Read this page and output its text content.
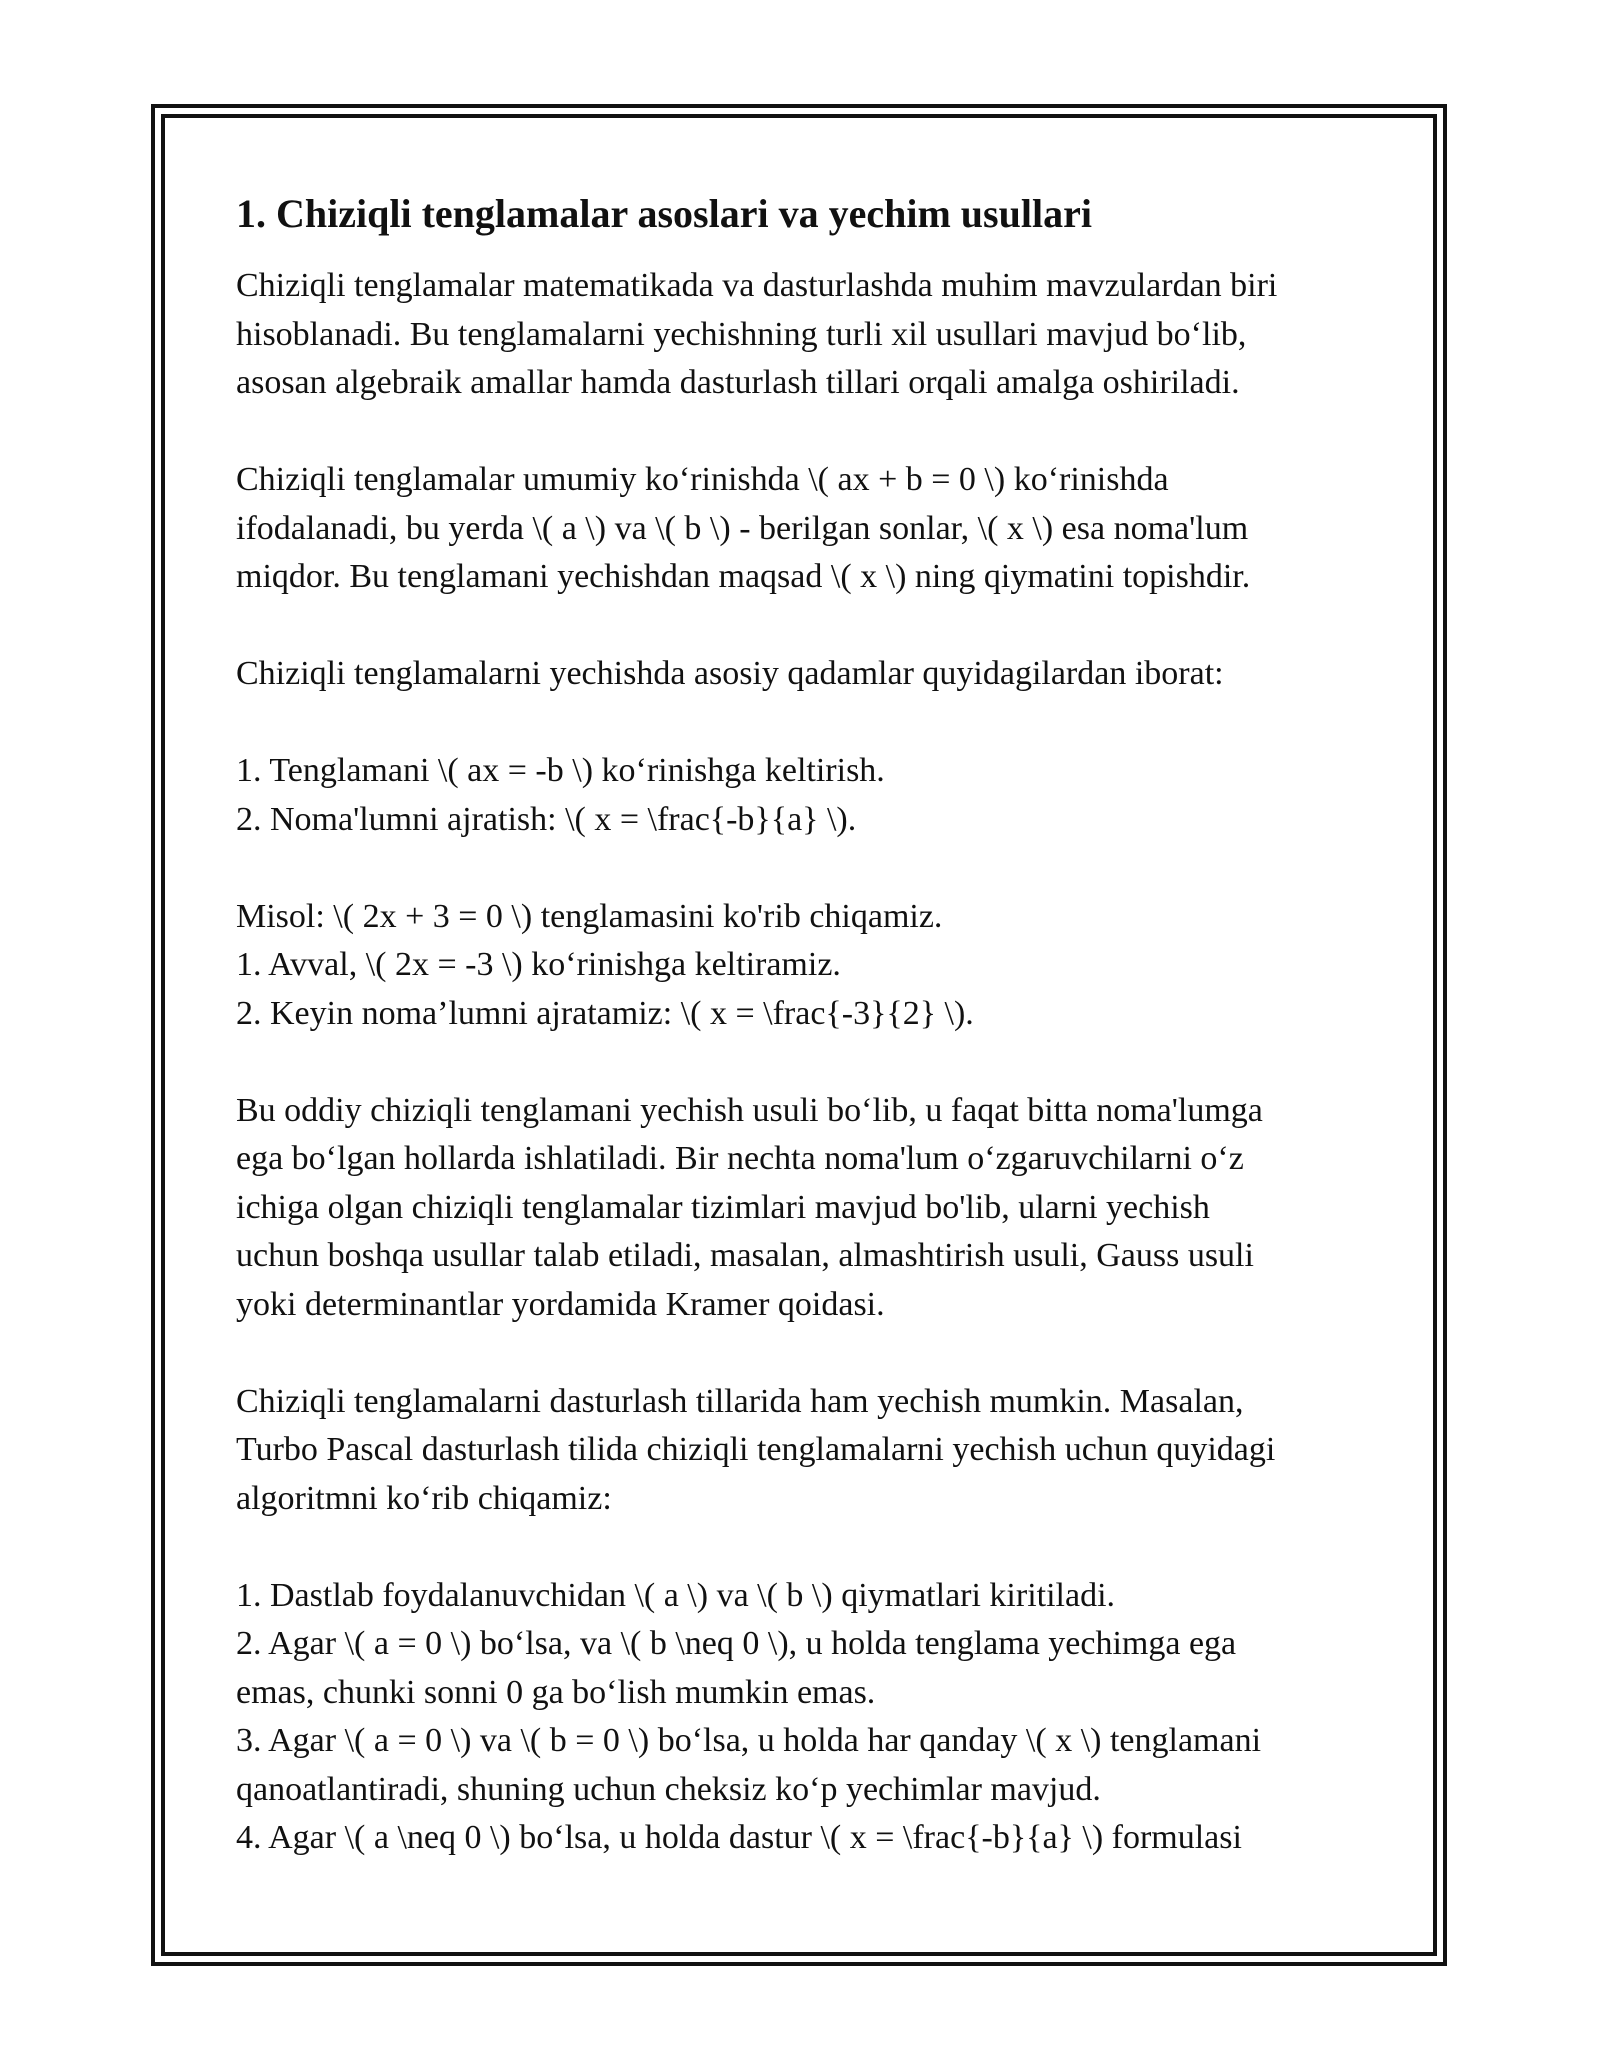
1. Chiziqli tenglamalar asoslari va yechim usullari
Chiziqli tenglamalar matematikada va dasturlashda muhim mavzulardan biri
hisoblanadi. Bu tenglamalarni yechishning turli xil usullari mavjud bo‘lib,
asosan algebraik amallar hamda dasturlash tillari orqali amalga oshiriladi.
Chiziqli tenglamalar umumiy ko‘rinishda \( ax + b = 0 \) ko‘rinishda
ifodalanadi, bu yerda \( a \) va \( b \) - berilgan sonlar, \( x \) esa noma'lum
miqdor. Bu tenglamani yechishdan maqsad \( x \) ning qiymatini topishdir.
Chiziqli tenglamalarni yechishda asosiy qadamlar quyidagilardan iborat:
1. Tenglamani \( ax = -b \) ko‘rinishga keltirish.
2. Noma'lumni ajratish: \( x = \frac{-b}{a} \).
Misol: \( 2x + 3 = 0 \) tenglamasini ko'rib chiqamiz.
1. Avval, \( 2x = -3 \) ko‘rinishga keltiramiz.
2. Keyin noma’lumni ajratamiz: \( x = \frac{-3}{2} \).
Bu oddiy chiziqli tenglamani yechish usuli bo‘lib, u faqat bitta noma'lumga
ega bo‘lgan hollarda ishlatiladi. Bir nechta noma'lum o‘zgaruvchilarni o‘z
ichiga olgan chiziqli tenglamalar tizimlari mavjud bo'lib, ularni yechish
uchun boshqa usullar talab etiladi, masalan, almashtirish usuli, Gauss usuli
yoki determinantlar yordamida Kramer qoidasi.
Chiziqli tenglamalarni dasturlash tillarida ham yechish mumkin. Masalan,
Turbo Pascal dasturlash tilida chiziqli tenglamalarni yechish uchun quyidagi
algoritmni ko‘rib chiqamiz:
1. Dastlab foydalanuvchidan \( a \) va \( b \) qiymatlari kiritiladi.
2. Agar \( a = 0 \) bo‘lsa, va \( b \neq 0 \), u holda tenglama yechimga ega
emas, chunki sonni 0 ga bo‘lish mumkin emas.
3. Agar \( a = 0 \) va \( b = 0 \) bo‘lsa, u holda har qanday \( x \) tenglamani
qanoatlantiradi, shuning uchun cheksiz ko‘p yechimlar mavjud.
4. Agar \( a \neq 0 \) bo‘lsa, u holda dastur \( x = \frac{-b}{a} \) formulasi
